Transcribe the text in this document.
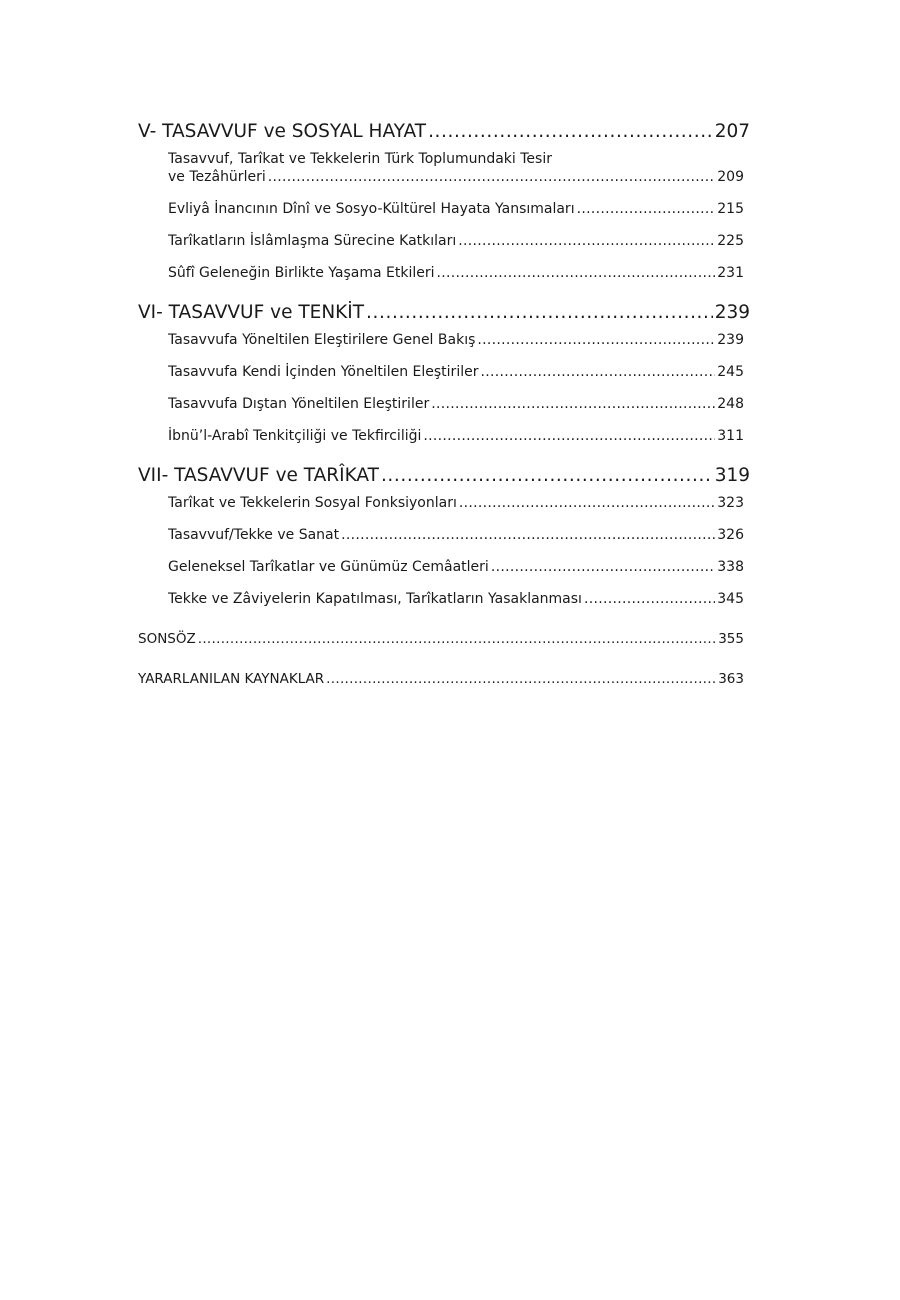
V- TASAVVUF ve SOSYAL HAYAT .....	207
Tasavvuf, Tarîkat ve Tekkelerin Türk Toplumundaki Tesir
ve Tezâhürleri .....	209
Evliyâ İnancının Dînî ve Sosyo-Kültürel Hayata Yansımaları .....	215
Tarîkatların İslâmlaşma Sürecine Katkıları .....	225
Sûfî Geleneğin Birlikte Yaşama Etkileri .....	231
VI- TASAVVUF ve TENKİT .....	239
Tasavvufa Yöneltilen Eleştirilere Genel Bakış .....	239
Tasavvufa Kendi İçinden Yöneltilen Eleştiriler .....	245
Tasavvufa Dıştan Yöneltilen Eleştiriler .....	248
İbnü’l-Arabî Tenkitçiliği ve Tekfirciliği .....	311
VII- TASAVVUF ve TARÎKAT .....	319
Tarîkat ve Tekkelerin Sosyal Fonksiyonları .....	323
Tasavvuf/Tekke ve Sanat .....	326
Geleneksel Tarîkatlar ve Günümüz Cemâatleri .....	338
Tekke ve Zâviyelerin Kapatılması, Tarîkatların Yasaklanması .....	345
SONSÖZ .....	355
YARARLANILAN KAYNAKLAR .....	363
